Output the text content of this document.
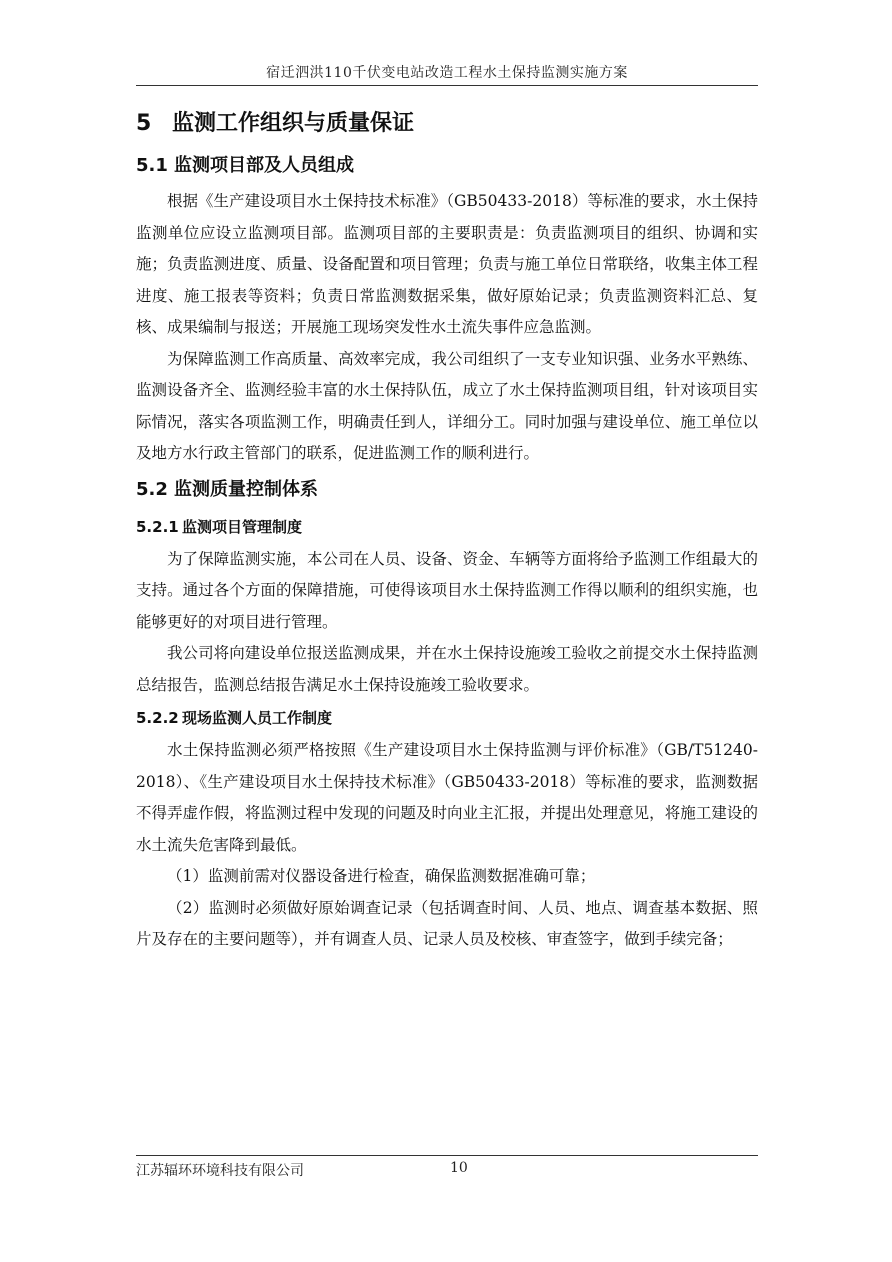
宿迁泗洪110千伏变电站改造工程水土保持监测实施方案
5 监测工作组织与质量保证
5.1 监测项目部及人员组成

根据《生产建设项目水土保持技术标准》（GB50433-2018）等标准的要求，水土保持监测单位应设立监测项目部。监测项目部的主要职责是：负责监测项目的组织、协调和实施；负责监测进度、质量、设备配置和项目管理；负责与施工单位日常联络，收集主体工程进度、施工报表等资料；负责日常监测数据采集，做好原始记录；负责监测资料汇总、复核、成果编制与报送；开展施工现场突发性水土流失事件应急监测。

为保障监测工作高质量、高效率完成，我公司组织了一支专业知识强、业务水平熟练、监测设备齐全、监测经验丰富的水土保持队伍，成立了水土保持监测项目组，针对该项目实际情况，落实各项监测工作，明确责任到人，详细分工。同时加强与建设单位、施工单位以及地方水行政主管部门的联系，促进监测工作的顺利进行。

5.2 监测质量控制体系
5.2.1 监测项目管理制度

为了保障监测实施，本公司在人员、设备、资金、车辆等方面将给予监测工作组最大的支持。通过各个方面的保障措施，可使得该项目水土保持监测工作得以顺利的组织实施，也能够更好的对项目进行管理。

我公司将向建设单位报送监测成果，并在水土保持设施竣工验收之前提交水土保持监测总结报告，监测总结报告满足水土保持设施竣工验收要求。

5.2.2 现场监测人员工作制度

水土保持监测必须严格按照《生产建设项目水土保持监测与评价标准》（GB/T51240-2018）、《生产建设项目水土保持技术标准》（GB50433-2018）等标准的要求，监测数据不得弄虚作假，将监测过程中发现的问题及时向业主汇报，并提出处理意见，将施工建设的水土流失危害降到最低。

（1）监测前需对仪器设备进行检查，确保监测数据准确可靠；

（2）监测时必须做好原始调查记录（包括调查时间、人员、地点、调查基本数据、照片及存在的主要问题等），并有调查人员、记录人员及校核、审查签字，做到手续完备；

江苏辐环环境科技有限公司	10
